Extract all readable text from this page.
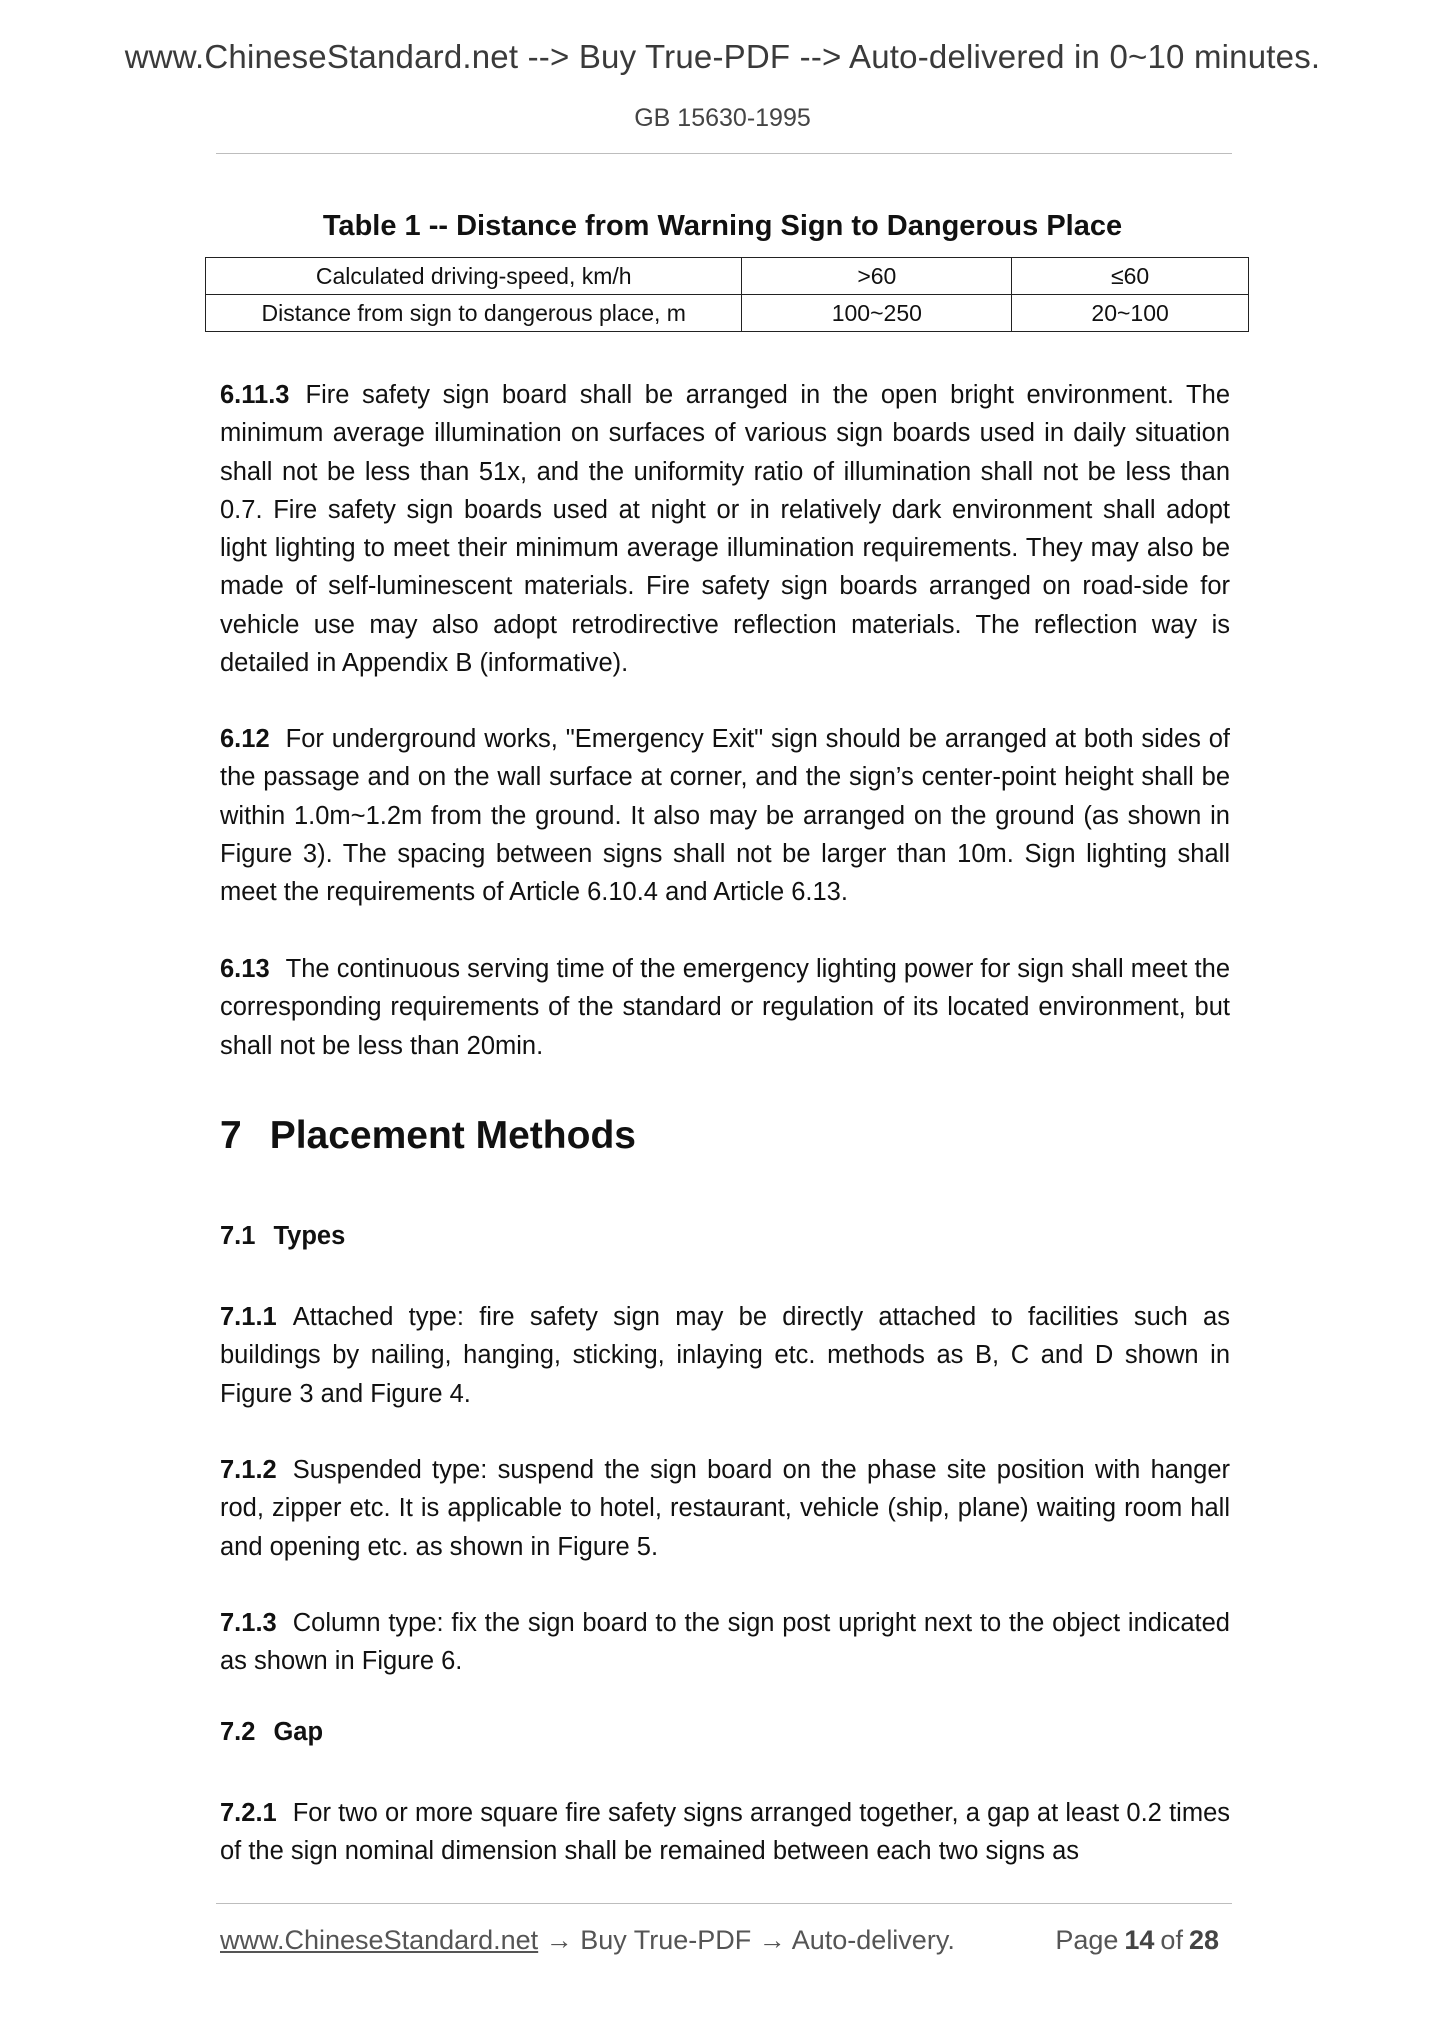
www.ChineseStandard.net --> Buy True-PDF --> Auto-delivered in 0~10 minutes.
GB 15630-1995
Table 1 -- Distance from Warning Sign to Dangerous Place
Calculated driving-speed, km/h	>60	≤60
Distance from sign to dangerous place, m	100~250	20~100

6.11.3 Fire safety sign board shall be arranged in the open bright environment. The minimum average illumination on surfaces of various sign boards used in daily situation shall not be less than 51x, and the uniformity ratio of illumination shall not be less than 0.7. Fire safety sign boards used at night or in relatively dark environment shall adopt light lighting to meet their minimum average illumination requirements. They may also be made of self-luminescent materials. Fire safety sign boards arranged on road-side for vehicle use may also adopt retrodirective reflection materials. The reflection way is detailed in Appendix B (informative).

6.12 For underground works, "Emergency Exit" sign should be arranged at both sides of the passage and on the wall surface at corner, and the sign’s center-point height shall be within 1.0m~1.2m from the ground. It also may be arranged on the ground (as shown in Figure 3). The spacing between signs shall not be larger than 10m. Sign lighting shall meet the requirements of Article 6.10.4 and Article 6.13.

6.13 The continuous serving time of the emergency lighting power for sign shall meet the corresponding requirements of the standard or regulation of its located environment, but shall not be less than 20min.

7 Placement Methods

7.1 Types

7.1.1 Attached type: fire safety sign may be directly attached to facilities such as buildings by nailing, hanging, sticking, inlaying etc. methods as B, C and D shown in Figure 3 and Figure 4.

7.1.2 Suspended type: suspend the sign board on the phase site position with hanger rod, zipper etc. It is applicable to hotel, restaurant, vehicle (ship, plane) waiting room hall and opening etc. as shown in Figure 5.

7.1.3 Column type: fix the sign board to the sign post upright next to the object indicated as shown in Figure 6.

7.2 Gap

7.2.1 For two or more square fire safety signs arranged together, a gap at least 0.2 times of the sign nominal dimension shall be remained between each two signs as

www.ChineseStandard.net → Buy True-PDF → Auto-delivery.	Page 14 of 28
